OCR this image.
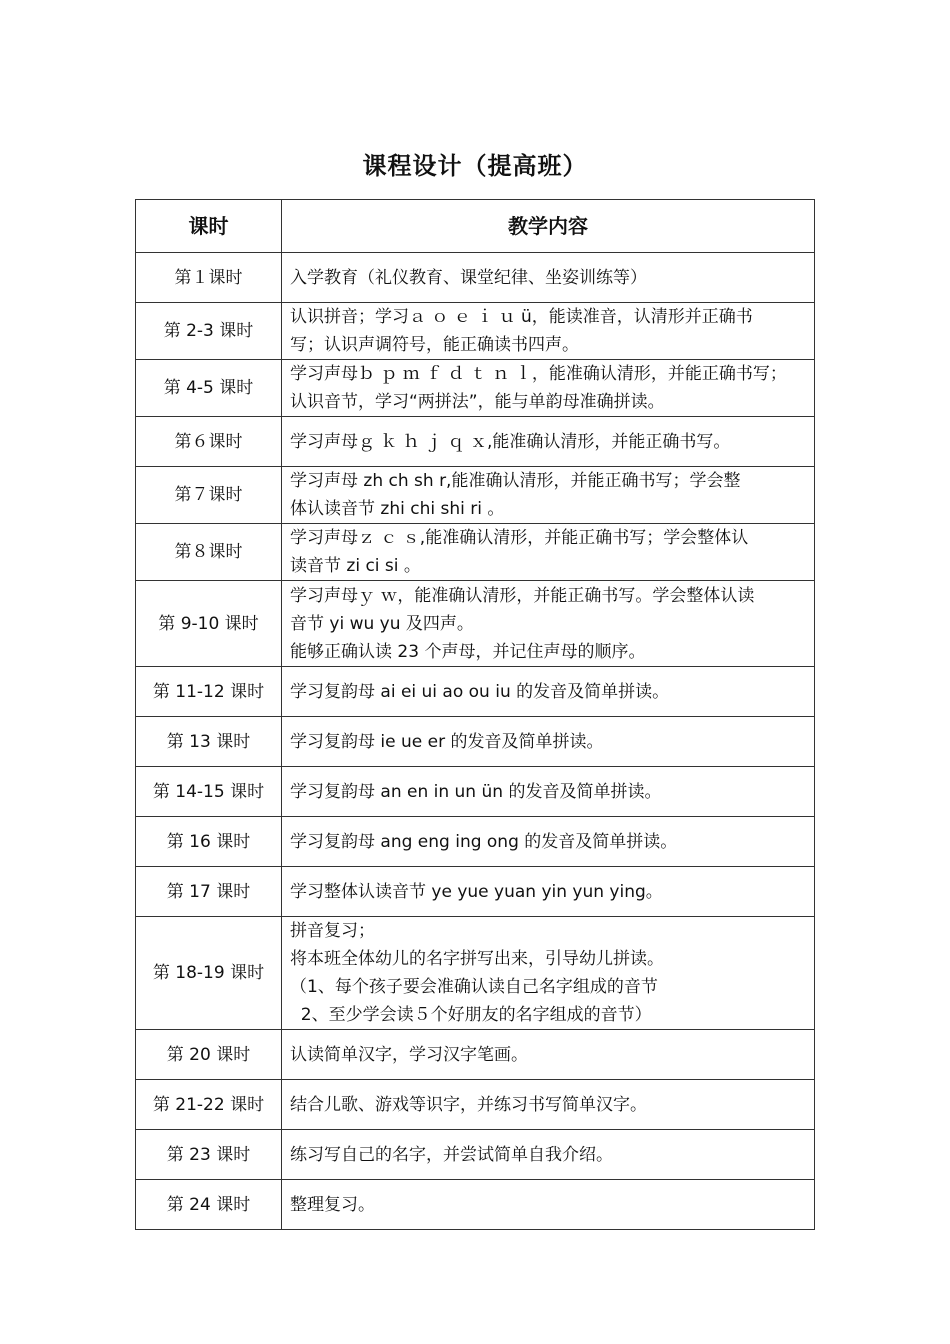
课程设计（提高班）
课时	教学内容
第１课时	入学教育（礼仪教育、课堂纪律、坐姿训练等）

第 2-3 课时	认识拼音；学习ａ ｏ ｅ ｉ ｕ ü，能读准音，认清形并正确书
写；认识声调符号，能正确读书四声。

第 4-5 课时	学习声母ｂ ｐ ｍ ｆ ｄ ｔ ｎ ｌ，能准确认清形，并能正确书写；
认识音节，学习“两拼法”，能与单韵母准确拼读。

第６课时	学习声母ｇ ｋ ｈ ｊ ｑ ｘ,能准确认清形，并能正确书写。

第７课时	学习声母 zh ch sh r,能准确认清形，并能正确书写；学会整
体认读音节 zhi chi shi ri 。

第８课时	学习声母ｚ ｃ ｓ,能准确认清形，并能正确书写；学会整体认
读音节 zi ci si 。

第 9-10 课时	学习声母ｙ ｗ，能准确认清形，并能正确书写。学会整体认读
音节 yi wu yu 及四声。
能够正确认读 23 个声母，并记住声母的顺序。

第 11-12 课时	学习复韵母 ai ei ui ao ou iu 的发音及简单拼读。

第 13 课时	学习复韵母 ie ue er 的发音及简单拼读。

第 14-15 课时	学习复韵母 an en in un ün 的发音及简单拼读。

第 16 课时	学习复韵母 ang eng ing ong 的发音及简单拼读。

第 17 课时	学习整体认读音节 ye yue yuan yin yun ying。

第 18-19 课时	拼音复习；
将本班全体幼儿的名字拼写出来，引导幼儿拼读。
（1、每个孩子要会准确认读自己名字组成的音节
2、至少学会读５个好朋友的名字组成的音节）

第 20 课时	认读简单汉字，学习汉字笔画。

第 21-22 课时	结合儿歌、游戏等识字，并练习书写简单汉字。

第 23 课时	练习写自己的名字，并尝试简单自我介绍。

第 24 课时	整理复习。
